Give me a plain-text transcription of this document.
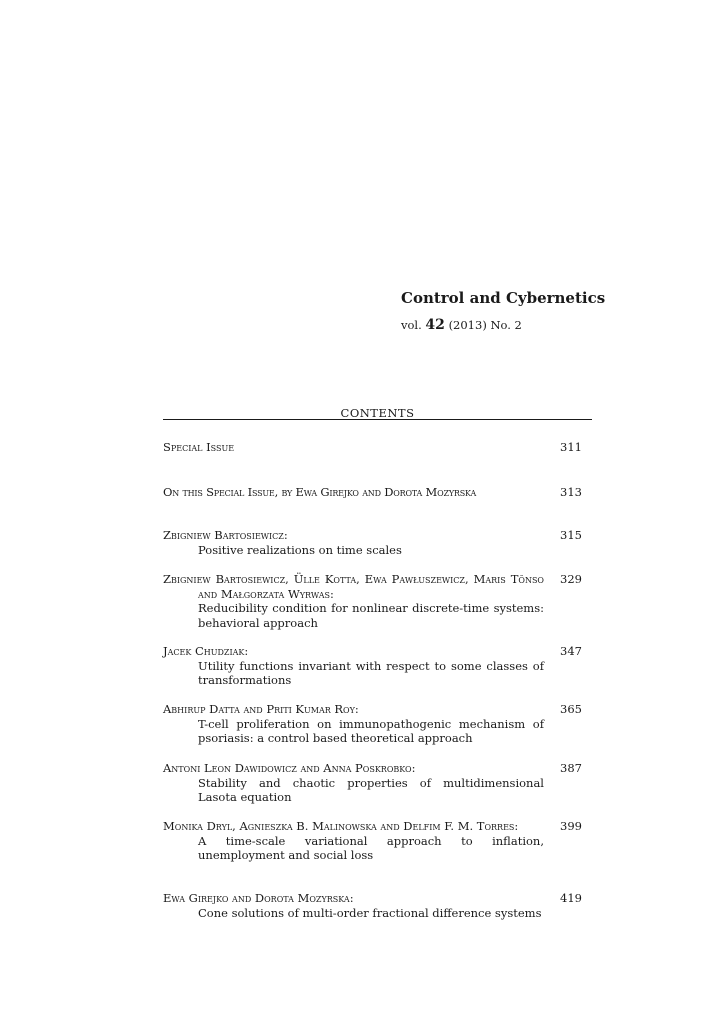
Control and Cybernetics
vol. 42 (2013) No. 2
CONTENTS
Special Issue	311
On this Special Issue, by Ewa Girejko and Dorota Mozyrska	313
Zbigniew Bartosiewicz:
Positive realizations on time scales
315
Zbigniew Bartosiewicz, Ülle Kotta, Ewa Pawłuszewicz, Maris Tõnso and Małgorzata Wyrwas:
Reducibility condition for nonlinear discrete-time systems: behavioral approach
329
Jacek Chudziak:
Utility functions invariant with respect to some classes of transformations
347
Abhirup Datta and Priti Kumar Roy:
T-cell proliferation on immunopathogenic mechanism of psoriasis: a control based theoretical approach
365
Antoni Leon Dawidowicz and Anna Poskrobko:
Stability and chaotic properties of multidimensional Lasota equation
387
Monika Dryl, Agnieszka B. Malinowska and Delfim F. M. Torres:
A time-scale variational approach to inflation, unemployment and social loss
399
Ewa Girejko and Dorota Mozyrska:
Cone solutions of multi-order fractional difference systems
419
